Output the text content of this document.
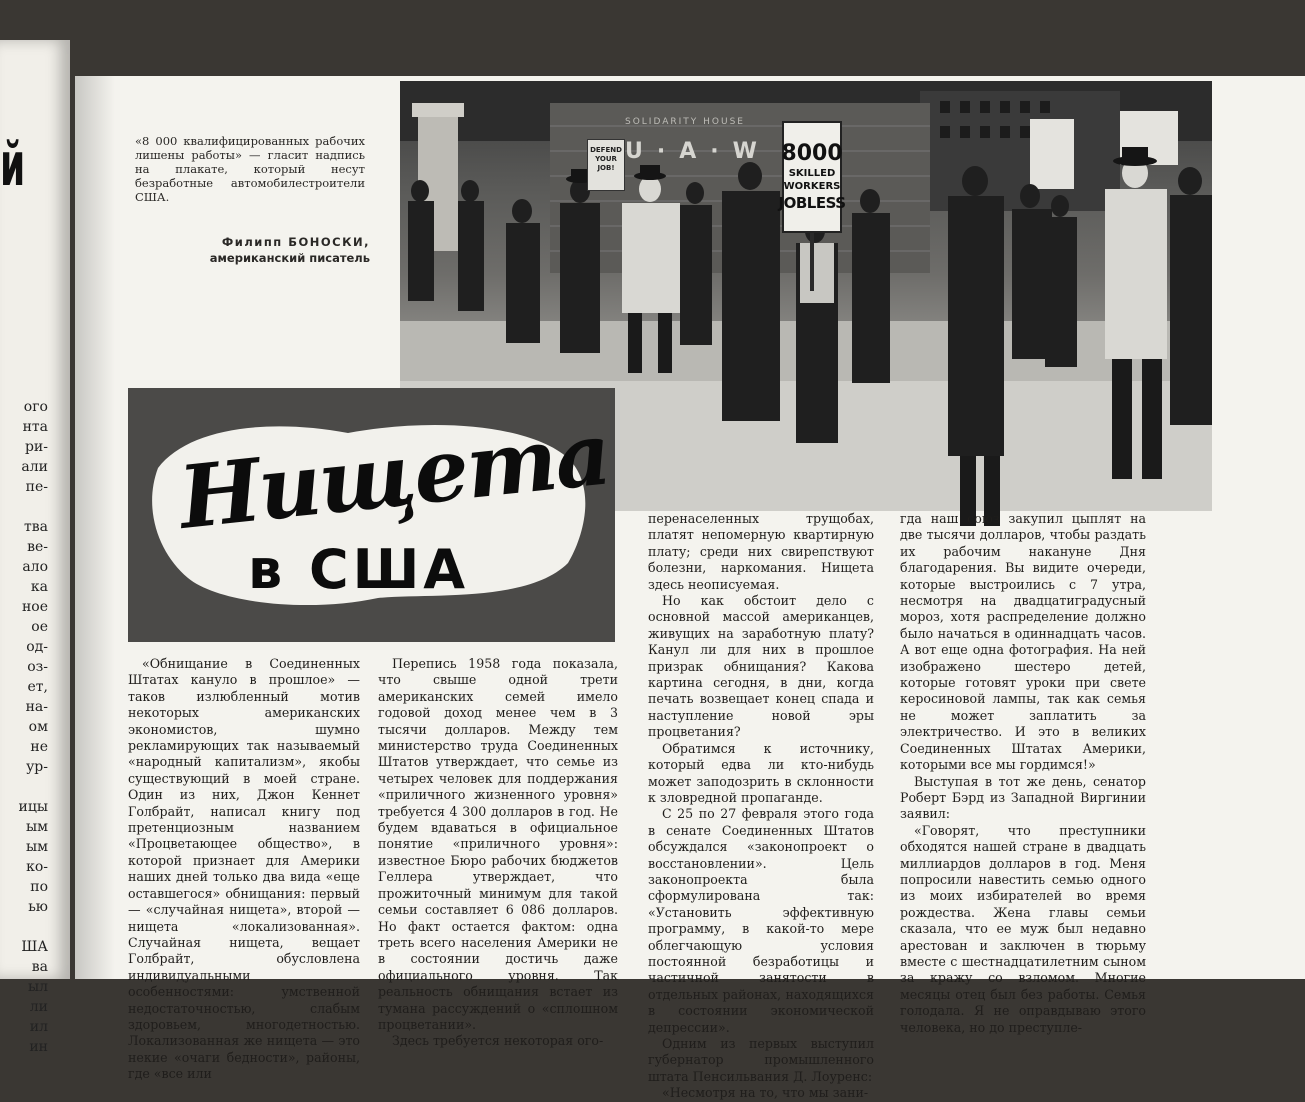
й
ого
нта
ри-
али
пе-

тва
ве-
ало
ка
ное
ое
од-
оз-
ет,
на-
ом
не
ур-

ицы
ым
ым
ко-
по
ью

ША
ва
ыл
ли
ил
ин
«8 000 квалифицированных рабочих лишены работы» — гласит надпись на плакате, который несут безработные автомобилестроители США.
Филипп БОНОСКИ,
американский писатель
SOLIDARITY HOUSE
U·A·W
DEFEND
YOUR
JOB!
8000
SKILLED
WORKERS
JOBLESS
Нищета
в США

«Обнищание в Соединенных Штатах кануло в прошлое» — таков излюбленный мотив некоторых американских экономистов, шумно рекламирующих так называемый «народный капитализм», якобы существующий в моей стране. Один из них, Джон Кеннет Голбрайт, написал книгу под претенциозным названием «Процветающее общество», в которой признает для Америки наших дней только два вида «еще оставшегося» обнищания: первый — «случайная нищета», второй — нищета «локализованная». Случайная нищета, вещает Голбрайт, обусловлена индивидуальными особенностями: умственной недостаточностью, слабым здоровьем, многодетностью. Локализованная же нищета — это некие «очаги бедности», районы, где «все или

Перепись 1958 года показала, что свыше одной трети американских семей имело годовой доход менее чем в 3 тысячи долларов. Между тем министерство труда Соединенных Штатов утверждает, что семье из четырех человек для поддержания «приличного жизненного уровня» требуется 4 300 долларов в год. Не будем вдаваться в официальное понятие «приличного уровня»: известное Бюро рабочих бюджетов Геллера утверждает, что прожиточный минимум для такой семьи составляет 6 086 долларов. Но факт остается фактом: одна треть всего населения Америки не в состоянии достичь даже официального уровня. Так реальность обнищания встает из тумана рассуждений о «сплошном процветании».

Здесь требуется некоторая ого-

перенаселенных трущобах, платят непомерную квартирную плату; среди них свирепствуют болезни, наркомания. Нищета здесь неописуемая.

Но как обстоит дело с основной массой американцев, живущих на заработную плату? Канул ли для них в прошлое призрак обнищания? Какова картина сегодня, в дни, когда печать возвещает конец спада и наступление новой эры процветания?

Обратимся к источнику, который едва ли кто-нибудь может заподозрить в склонности к зловредной пропаганде.

С 25 по 27 февраля этого года в сенате Соединенных Штатов обсуждался «законопроект о восстановлении». Цель законопроекта была сформулирована так: «Установить эффективную программу, в какой-то мере облегчающую условия постоянной безработицы и частичной занятости в отдельных районах, находящихся в состоянии экономической депрессии».

Одним из первых выступил губернатор промышленного штата Пенсильвания Д. Лоуренс:

«Несмотря на то, что мы зани-

гда наш союз закупил цыплят на две тысячи долларов, чтобы раздать их рабочим накануне Дня благодарения. Вы видите очереди, которые выстроились с 7 утра, несмотря на двадцатиградусный мороз, хотя распределение должно было начаться в одиннадцать часов. А вот еще одна фотография. На ней изображено шестеро детей, которые готовят уроки при свете керосиновой лампы, так как семья не может заплатить за электричество. И это в великих Соединенных Штатах Америки, которыми все мы гордимся!»

Выступая в тот же день, сенатор Роберт Бэрд из Западной Виргинии заявил:

«Говорят, что преступники обходятся нашей стране в двадцать миллиардов долларов в год. Меня попросили навестить семью одного из моих избирателей во время рождества. Жена главы семьи сказала, что ее муж был недавно арестован и заключен в тюрьму вместе с шестнадцатилетним сыном за кражу со взломом. Многие месяцы отец был без работы. Семья голодала. Я не оправдываю этого человека, но до преступле-
